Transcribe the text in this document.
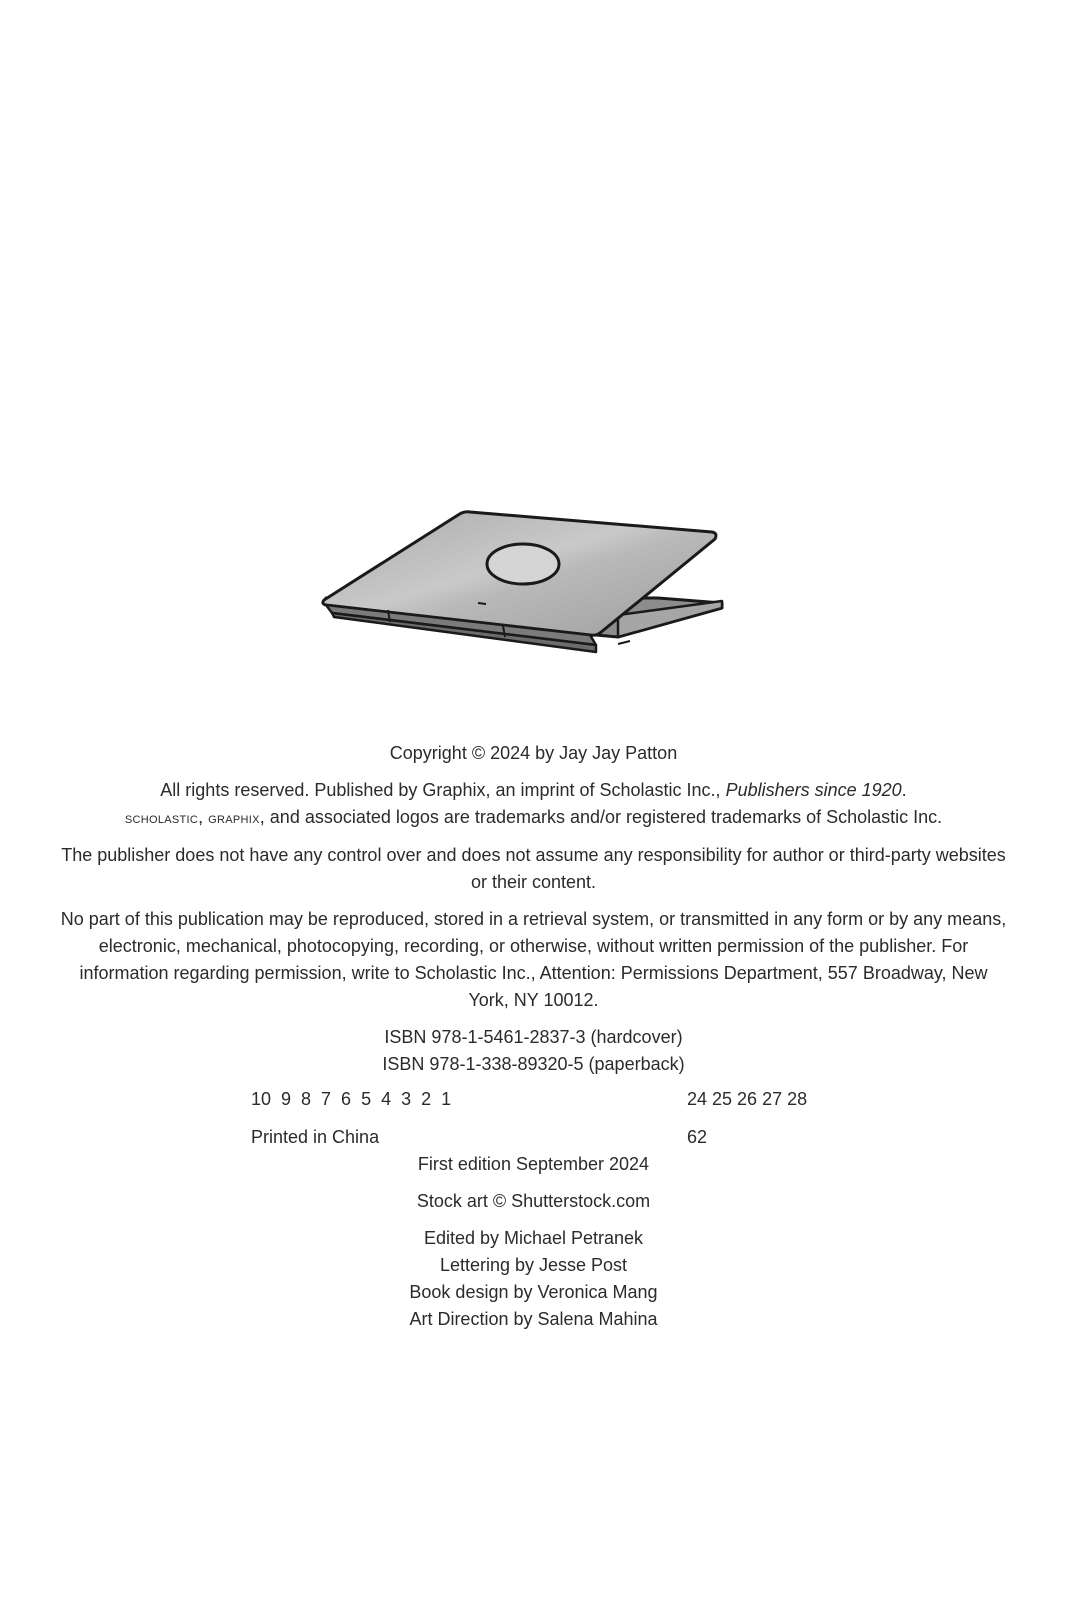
Copyright © 2024 by Jay Jay Patton

All rights reserved. Published by Graphix, an imprint of Scholastic Inc., Publishers since 1920.
scholastic, graphix, and associated logos are trademarks and/or registered trademarks of Scholastic Inc.

The publisher does not have any control over and does not assume any responsibility for author or third-party websites or their content.

No part of this publication may be reproduced, stored in a retrieval system, or transmitted in any form or by any means, electronic, mechanical, photocopying, recording, or otherwise, without written permission of the publisher. For information regarding permission, write to Scholastic Inc., Attention: Permissions Department, 557 Broadway, New York, NY 10012.

ISBN 978-1-5461-2837-3 (hardcover)
ISBN 978-1-338-89320-5 (paperback)

10  9  8  7  6  5  4  3  2  1	24 25 26 27 28
Printed in China	62
First edition September 2024
Stock art © Shutterstock.com
Edited by Michael Petranek
Lettering by Jesse Post
Book design by Veronica Mang
Art Direction by Salena Mahina
